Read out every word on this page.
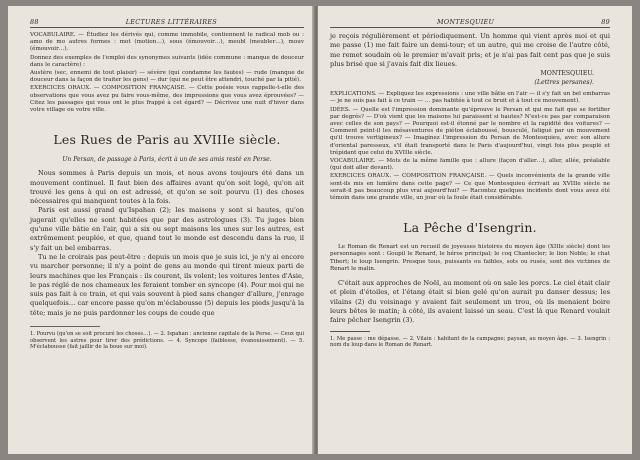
88	LECTURES LITTÉRAIRES

VOCABULAIRE. — Étudiez les dérivés qui, comme immobile, contiennent le radical mob ou : amo de mo autres formes : mot (motion…), sous (émouvoir…), meubl (meubler…), mouv (émouvoir…).

Donnez des exemples de l'emploi des synonymes suivants (idée commune : manque de douceur dans le caractère) :

Austère (sec, ennemi de tout plaisir) — sévère (qui condamne les fautes) — rude (manque de douceur dans la façon de traiter les gens) — dur (qui ne peut être attendri, touché par la pitié).

EXERCICES ORAUX. — COMPOSITION FRANÇAISE. — Cette poésie vous rappelle-t-elle des observations que vous avez pu faire vous-même, des impressions que vous avez éprouvées? — Citez les passages qui vous ont le plus frappé à cet égard? — Décrivez une nuit d'hiver dans votre village ou votre ville.

Les Rues de Paris au XVIIIe siècle.

Un Persan, de passage à Paris, écrit à un de ses amis resté en Perse.

Nous sommes à Paris depuis un mois, et nous avons toujours été dans un mouvement continuel. Il faut bien des affaires avant qu'on soit logé, qu'on ait trouvé les gens à qui on est adressé, et qu'on se soit pourvu (1) des choses nécessaires qui manquent toutes à la fois.

Paris est aussi grand qu'Ispahan (2); les maisons y sont si hautes, qu'on jugerait qu'elles ne sont habitées que par des astrologues (3). Tu juges bien qu'une ville bâtie en l'air, qui a six ou sept maisons les unes sur les autres, est extrêmement peuplée, et que, quand tout le monde est descendu dans la rue, il s'y fait un bel embarras.

Tu ne le croirais pas peut-être : depuis un mois que je suis ici, je n'y ai encore vu marcher personne; il n'y a point de gens au monde qui tirent mieux parti de leurs machines que les Français : ils courent, ils volent; les voitures lentes d'Asie, le pas réglé de nos chameaux les feraient tomber en syncope (4). Pour moi qui ne suis pas fait à ce train, et qui vais souvent à pied sans changer d'allure, j'enrage quelquefois… car encore passe qu'on m'éclabousse (5) depuis les pieds jusqu'à la tête; mais je ne puis pardonner les coups de coude que

1. Pourvu (qu'on se soit procuré les choses…). — 2. Ispahan : ancienne capitale de la Perse. — Ceux qui observent les astres pour tirer des prédictions. — 4. Syncope (faiblesse, évanouissement). — 5. M'éclabousse (fait jaillir de la boue sur moi).

MONTESQUIEU	89

je reçois régulièrement et périodiquement. Un homme qui vient après moi et qui me passe (1) me fait faire un demi-tour; et un autre, qui me croise de l'autre côté, me remet soudain où le premier m'avait pris; et je n'ai pas fait cent pas que je suis plus brisé que si j'avais fait dix lieues.

MONTESQUIEU.

(Lettres persanes).

EXPLICATIONS. — Expliquez les expressions : une ville bâtie en l'air — il s'y fait un bel embarras — je ne suis pas fait à ce train — … pas habitée à tout ce bruit et à tout ce mouvement).

IDÉES. — Quelle est l'impression dominante qu'éprouve le Persan et qui me fait que se fortifier par degrés? — D'où vient que les maisons lui paraissent si hautes? N'est-ce pas par comparaison avec celles de son pays? — Pourquoi est-il étonné par le nombre et la rapidité des voitures? — Comment peint-il les mésaventures de piéton éclaboussé, bousculé, fatigué par un mouvement qu'il trouve vertigineux? — Imaginez l'impression du Persan de Montesquieu, avec son allure d'oriental paresseux, s'il était transporté dans le Paris d'aujourd'hui, vingt fois plus peuplé et trépidant que celui du XVIIIe siècle.

VOCABULAIRE. — Mots de la même famille que : allure (façon d'aller…), aller, allée, préalable (qui doit aller devant).

EXERCICES ORAUX. — COMPOSITION FRANÇAISE. — Quels inconvénients de la grande ville sont-ils mis en lumière dans cette page? — Ce que Montesquieu écrivait au XVIIIe siècle ne serait-il pas beaucoup plus vrai aujourd'hui? — Racontez quelques incidents dont vous avez été témoin dans une grande ville, un jour où la foule était considérable.

La Pêche d'Isengrin.

Le Roman de Renart est un recueil de joyeuses histoires du moyen âge (XIIIe siècle) dont les personnages sont : Goupil le Renard, le héros principal; le coq Chantecler; le lion Noble; le chat Tibert; le loup Isengrin. Presque tous, puissants ou faibles, sots ou rusés, sont des victimes de Renart le malin.

C'était aux approches de Noël, au moment où on sale les porcs. Le ciel était clair et plein d'étoiles, et l'étang était si bien gelé qu'on aurait pu danser dessus; les vilains (2) du voisinage y avaient fait seulement un trou, où ils menaient boire leurs bêtes le matin; à côté, ils avaient laissé un seau. C'est là que Renard voulait faire pêcher Isengrin (3).

1. Me passe : me dépasse. — 2. Vilain : habitant de la campagne; paysan, au moyen âge. — 3. Isengrin : nom du loup dans le Roman de Renart.
